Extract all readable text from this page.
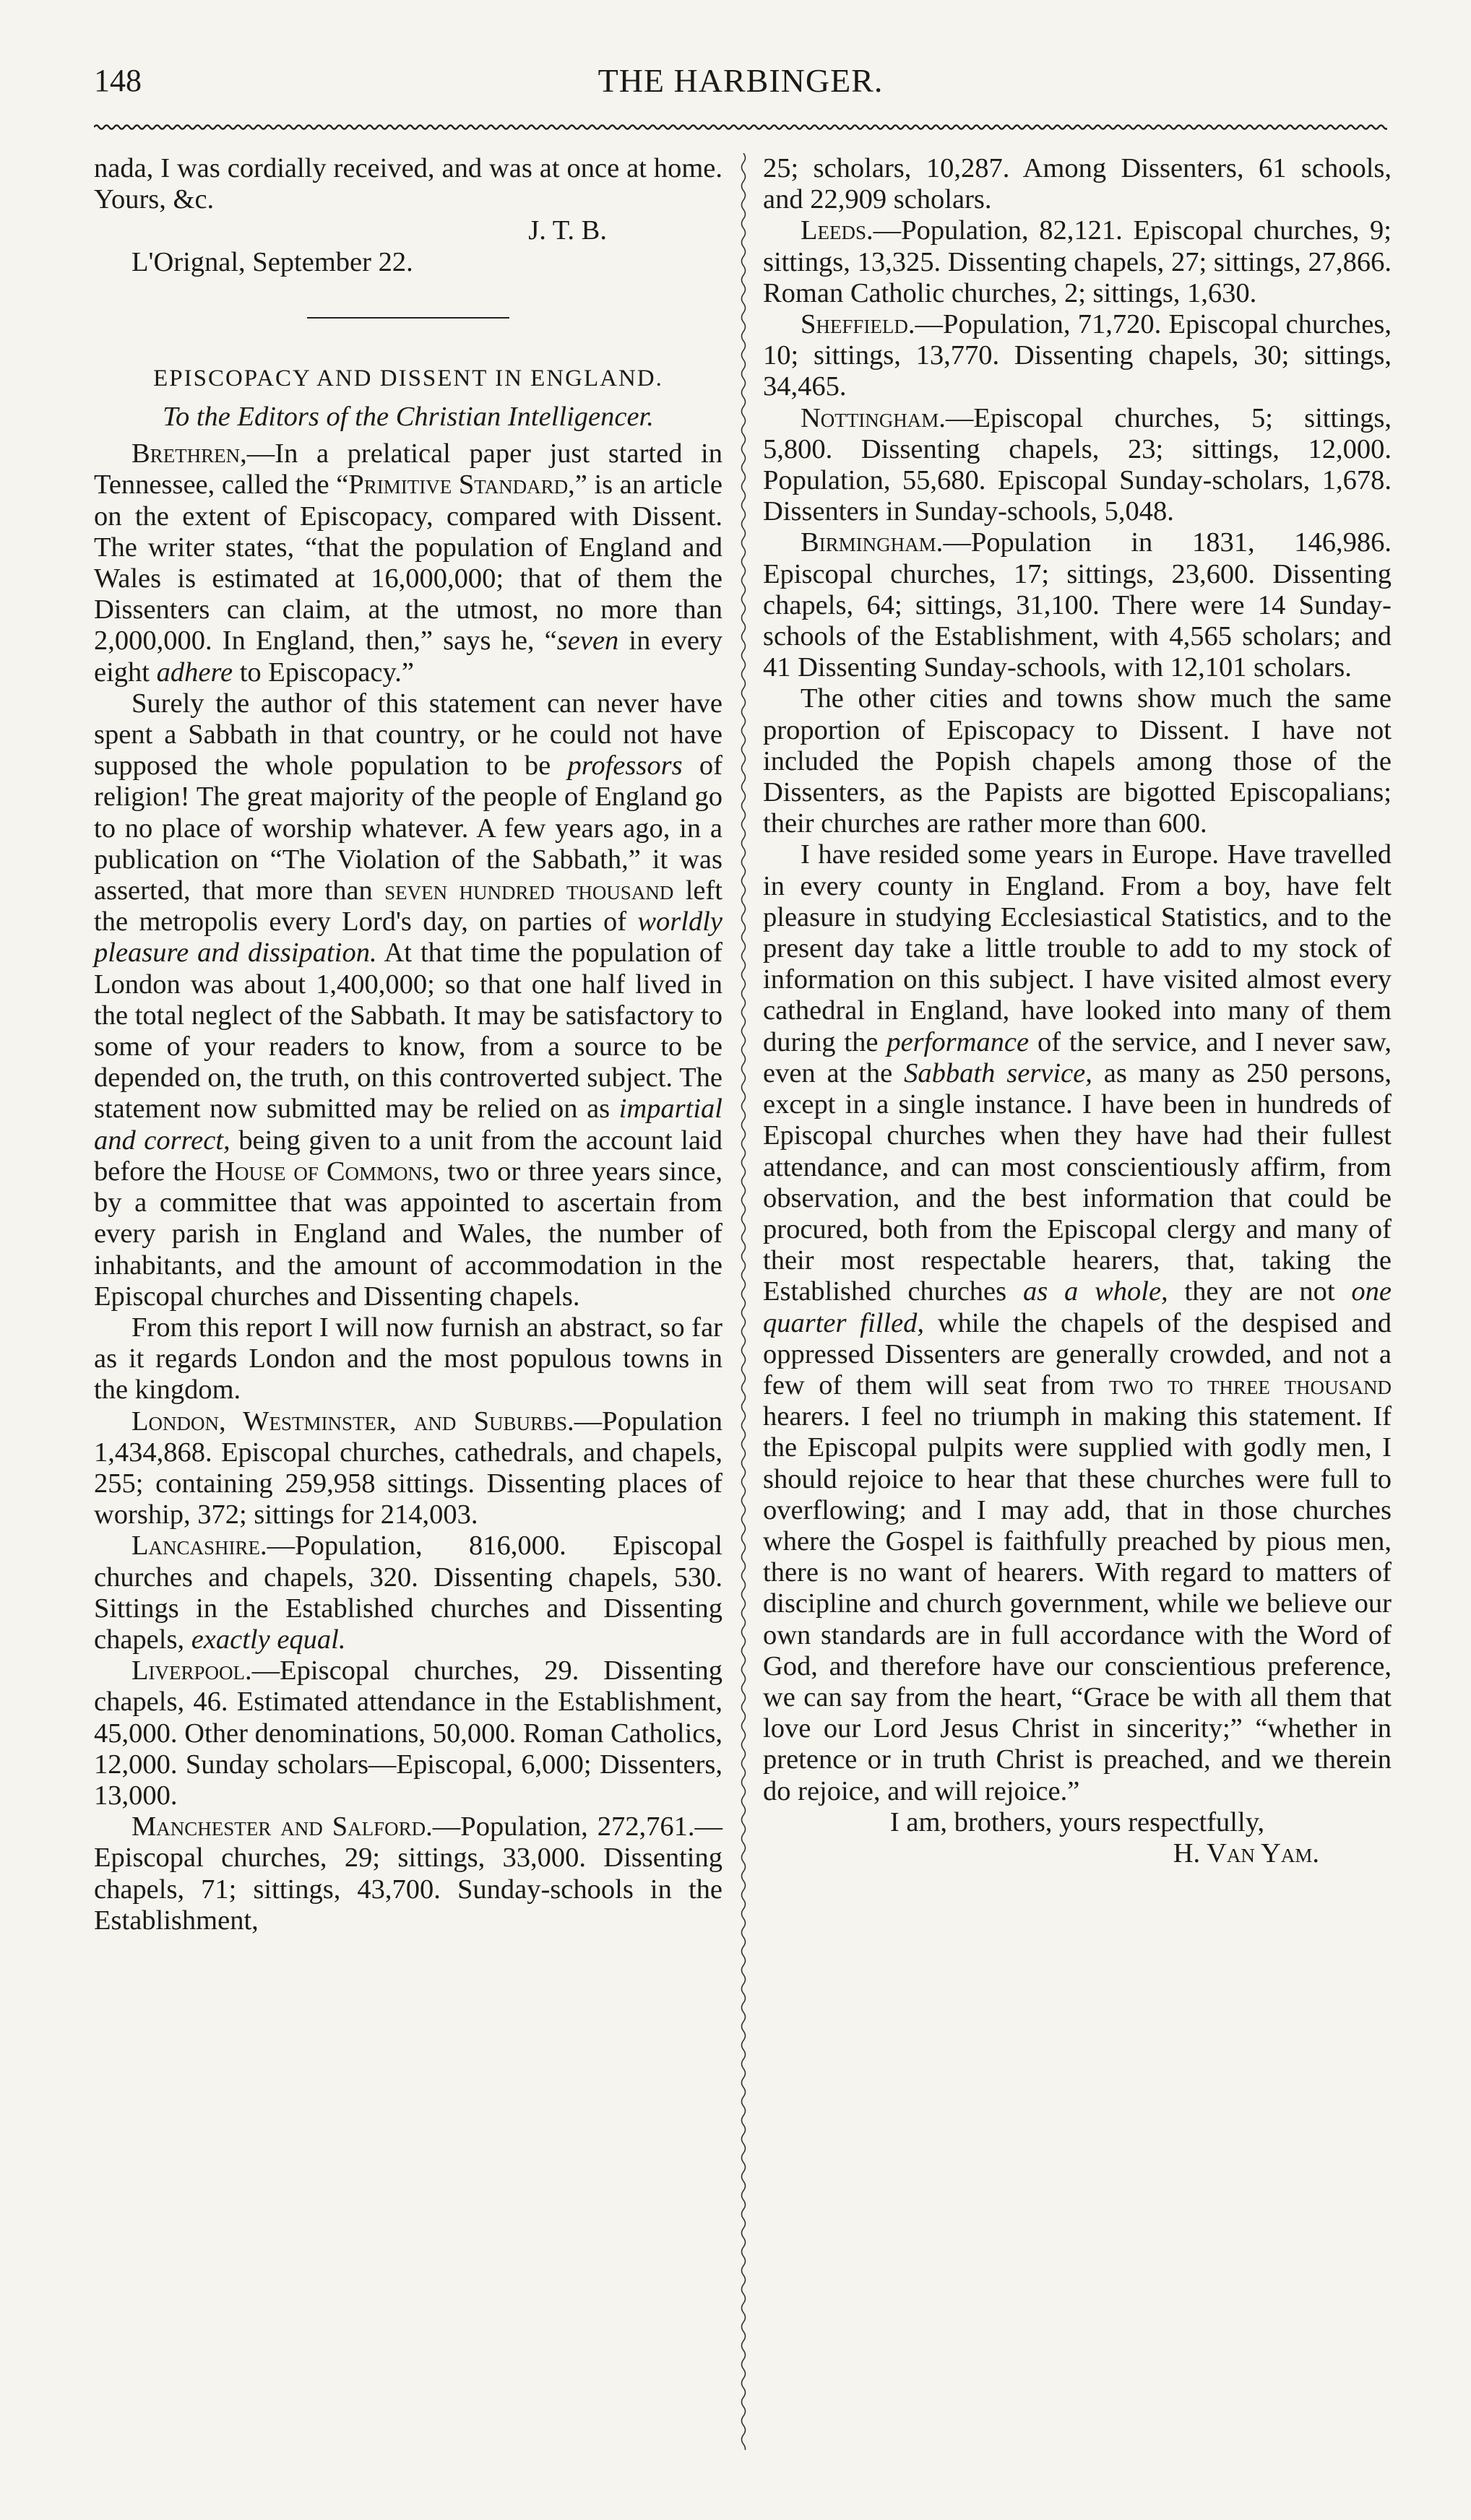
148	THE HARBINGER.

nada, I was cordially received, and was at once at home. Yours, &c.

J. T. B.

L'Orignal, September 22.

EPISCOPACY AND DISSENT IN ENGLAND.

To the Editors of the Christian Intelligencer.

Brethren,—In a prelatical paper just started in Tennessee, called the “Primitive Standard,” is an article on the extent of Episcopacy, compared with Dissent. The writer states, “that the population of England and Wales is estimated at 16,000,000; that of them the Dissenters can claim, at the utmost, no more than 2,000,000. In England, then,” says he, “seven in every eight adhere to Episcopacy.”

Surely the author of this statement can never have spent a Sabbath in that country, or he could not have supposed the whole population to be professors of religion! The great majority of the people of England go to no place of worship whatever. A few years ago, in a publication on “The Violation of the Sabbath,” it was asserted, that more than seven hundred thousand left the metropolis every Lord's day, on parties of worldly pleasure and dissipation. At that time the population of London was about 1,400,000; so that one half lived in the total neglect of the Sabbath. It may be satisfactory to some of your readers to know, from a source to be depended on, the truth, on this controverted subject. The statement now submitted may be relied on as impartial and correct, being given to a unit from the account laid before the House of Commons, two or three years since, by a committee that was appointed to ascertain from every parish in England and Wales, the number of inhabitants, and the amount of accommodation in the Episcopal churches and Dissenting chapels.

From this report I will now furnish an abstract, so far as it regards London and the most populous towns in the kingdom.

London, Westminster, and Suburbs.—Population 1,434,868. Episcopal churches, cathedrals, and chapels, 255; containing 259,958 sittings. Dissenting places of worship, 372; sittings for 214,003.

Lancashire.—Population, 816,000. Episcopal churches and chapels, 320. Dissenting chapels, 530. Sittings in the Established churches and Dissenting chapels, exactly equal.

Liverpool.—Episcopal churches, 29. Dissenting chapels, 46. Estimated attendance in the Establishment, 45,000. Other denominations, 50,000. Roman Catholics, 12,000. Sunday scholars—Episcopal, 6,000; Dissenters, 13,000.

Manchester and Salford.—Population, 272,761.—Episcopal churches, 29; sittings, 33,000. Dissenting chapels, 71; sittings, 43,700. Sunday-schools in the Establishment,

25; scholars, 10,287. Among Dissenters, 61 schools, and 22,909 scholars.

Leeds.—Population, 82,121. Episcopal churches, 9; sittings, 13,325. Dissenting chapels, 27; sittings, 27,866. Roman Catholic churches, 2; sittings, 1,630.

Sheffield.—Population, 71,720. Episcopal churches, 10; sittings, 13,770. Dissenting chapels, 30; sittings, 34,465.

Nottingham.—Episcopal churches, 5; sittings, 5,800. Dissenting chapels, 23; sittings, 12,000. Population, 55,680. Episcopal Sunday-scholars, 1,678. Dissenters in Sunday-schools, 5,048.

Birmingham.—Population in 1831, 146,986. Episcopal churches, 17; sittings, 23,600. Dissenting chapels, 64; sittings, 31,100. There were 14 Sunday-schools of the Establishment, with 4,565 scholars; and 41 Dissenting Sunday-schools, with 12,101 scholars.

The other cities and towns show much the same proportion of Episcopacy to Dissent. I have not included the Popish chapels among those of the Dissenters, as the Papists are bigotted Episcopalians; their churches are rather more than 600.

I have resided some years in Europe. Have travelled in every county in England. From a boy, have felt pleasure in studying Ecclesiastical Statistics, and to the present day take a little trouble to add to my stock of information on this subject. I have visited almost every cathedral in England, have looked into many of them during the performance of the service, and I never saw, even at the Sabbath service, as many as 250 persons, except in a single instance. I have been in hundreds of Episcopal churches when they have had their fullest attendance, and can most conscientiously affirm, from observation, and the best information that could be procured, both from the Episcopal clergy and many of their most respectable hearers, that, taking the Established churches as a whole, they are not one quarter filled, while the chapels of the despised and oppressed Dissenters are generally crowded, and not a few of them will seat from two to three thousand hearers. I feel no triumph in making this statement. If the Episcopal pulpits were supplied with godly men, I should rejoice to hear that these churches were full to overflowing; and I may add, that in those churches where the Gospel is faithfully preached by pious men, there is no want of hearers. With regard to matters of discipline and church government, while we believe our own standards are in full accordance with the Word of God, and therefore have our conscientious preference, we can say from the heart, “Grace be with all them that love our Lord Jesus Christ in sincerity;” “whether in pretence or in truth Christ is preached, and we therein do rejoice, and will rejoice.”

I am, brothers, yours respectfully,

H. Van Yam.
